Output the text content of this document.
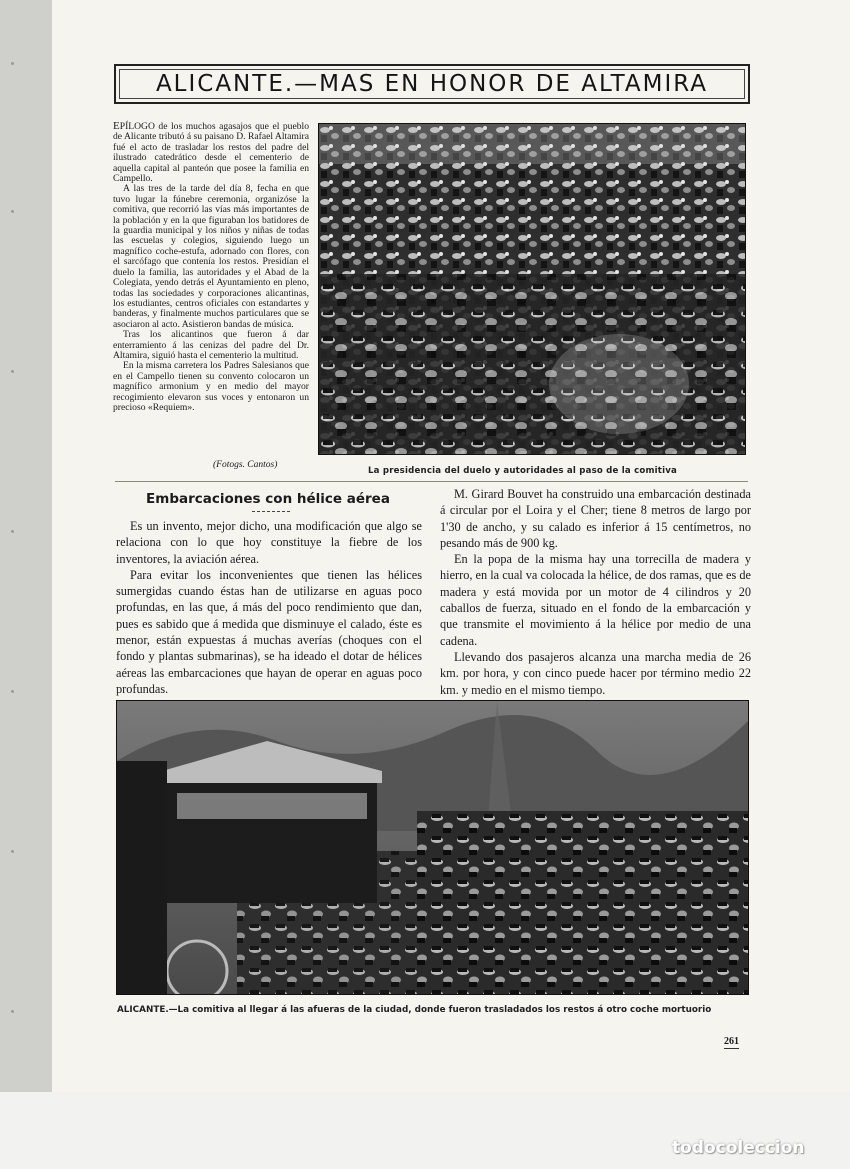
ALICANTE.—MAS EN HONOR DE ALTAMIRA

EPÍLOGO de los muchos agasajos que el pueblo de Alicante tributó á su paisano D. Rafael Altamira fué el acto de trasladar los restos del padre del ilustrado catedrático desde el cementerio de aquella capital al panteón que posee la familia en Campello.

A las tres de la tarde del día 8, fecha en que tuvo lugar la fúnebre ceremonia, organizóse la comitiva, que recorrió las vías más importantes de la población y en la que figuraban los batidores de la guardia municipal y los niños y niñas de todas las escuelas y colegios, siguiendo luego un magnífico coche-estufa, adornado con flores, con el sarcófago que contenía los restos. Presidían el duelo la familia, las autoridades y el Abad de la Colegiata, yendo detrás el Ayuntamiento en pleno, todas las sociedades y corporaciones alicantinas, los estudiantes, centros oficiales con estandartes y banderas, y finalmente muchos particulares que se asociaron al acto. Asistieron bandas de música.

Tras los alicantinos que fueron á dar enterramiento á las cenizas del padre del Dr. Altamira, siguió hasta el cementerio la multitud.

En la misma carretera los Padres Salesianos que en el Campello tienen su convento colocaron un magnífico armonium y en medio del mayor recogimiento elevaron sus voces y entonaron un precioso «Requiem».

(Fotogs. Cantos)
La presidencia del duelo y autoridades al paso de la comitiva
Embarcaciones con hélice aérea

Es un invento, mejor dicho, una modificación que algo se relaciona con lo que hoy constituye la fiebre de los inventores, la aviación aérea.

Para evitar los inconvenientes que tienen las hélices sumergidas cuando éstas han de utilizarse en aguas poco profundas, en las que, á más del poco rendimiento que dan, pues es sabido que á medida que disminuye el calado, éste es menor, están expuestas á muchas averías (choques con el fondo y plantas submarinas), se ha ideado el dotar de hélices aéreas las embarcaciones que hayan de operar en aguas poco profundas.

M. Girard Bouvet ha construido una embarcación destinada á circular por el Loira y el Cher; tiene 8 metros de largo por 1'30 de ancho, y su calado es inferior á 15 centímetros, no pesando más de 900 kg.

En la popa de la misma hay una torrecilla de madera y hierro, en la cual va colocada la hélice, de dos ramas, que es de madera y está movida por un motor de 4 cilindros y 20 caballos de fuerza, situado en el fondo de la embarcación y que transmite el movimiento á la hélice por medio de una cadena.

Llevando dos pasajeros alcanza una marcha media de 26 km. por hora, y con cinco puede hacer por término medio 22 km. y medio en el mismo tiempo.

ALICANTE.—La comitiva al llegar á las afueras de la ciudad, donde fueron trasladados los restos á otro coche mortuorio
261
todocoleccion
